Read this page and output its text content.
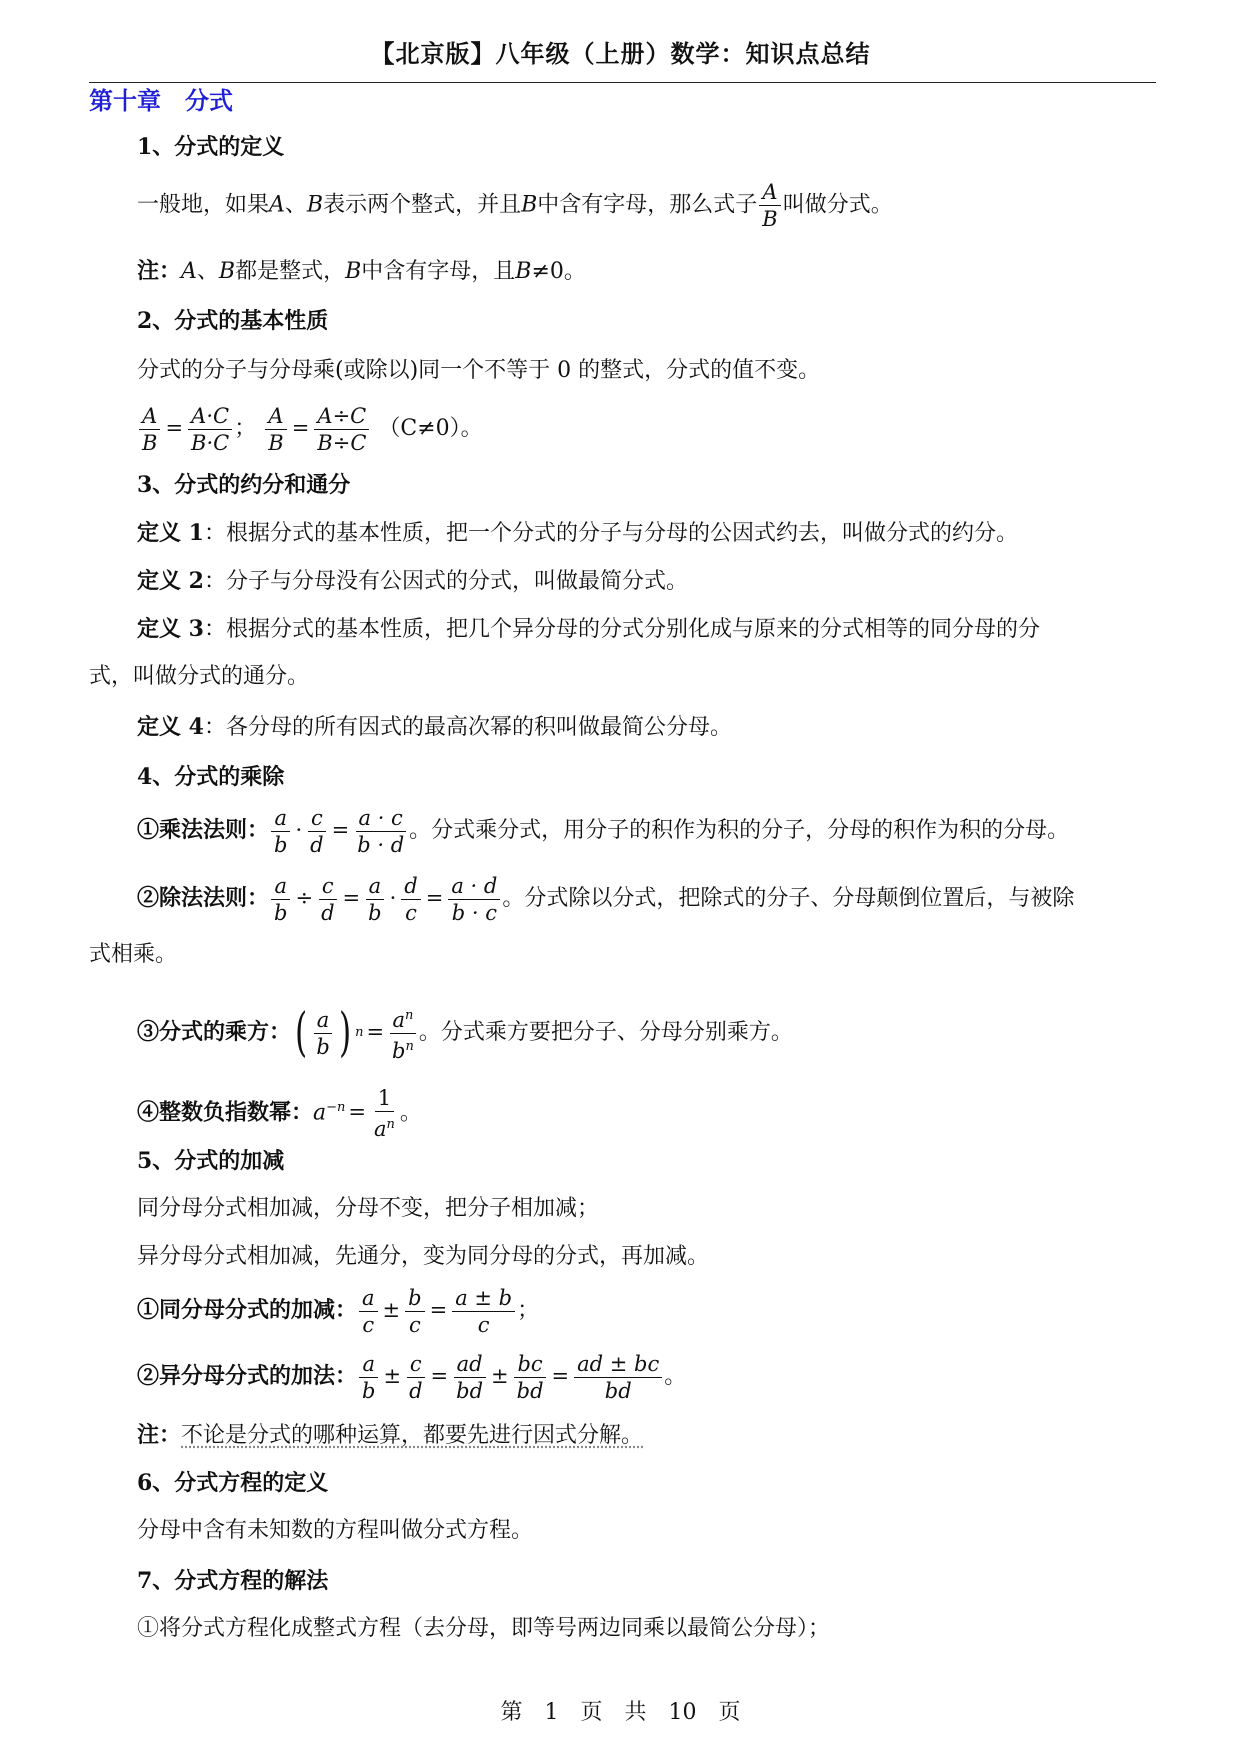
【北京版】八年级（上册）数学：知识点总结
第十章　分式
1、分式的定义
一般地，如果A、B表示两个整式，并且B中含有字母，那么式子 $\frac{A}{B}$ 叫做分式。
注：A、B都是整式，B中含有字母，且B≠0。
2、分式的基本性质
分式的分子与分母乘(或除以)同一个不等于 0 的整式，分式的值不变。
$\frac{A}{B} = \frac{A\cdot C}{B\cdot C}$ ； $\frac{A}{B} = \frac{A\div C}{B\div C} (C\ne 0)$。
3、分式的约分和通分
定义 1：根据分式的基本性质，把一个分式的分子与分母的公因式约去，叫做分式的约分。
定义 2：分子与分母没有公因式的分式，叫做最简分式。
定义 3：根据分式的基本性质，把几个异分母的分式分别化成与原来的分式相等的同分母的分
式，叫做分式的通分。
定义 4：各分母的所有因式的最高次幂的积叫做最简公分母。
4、分式的乘除
①乘法法则： $\frac{a}{b} \cdot \frac{c}{d} = \frac{a \cdot c}{b \cdot d}$ 。分式乘分式，用分子的积作为积的分子，分母的积作为积的分母。
②除法法则： $\frac{a}{b} \div \frac{c}{d} = \frac{a}{b} \cdot \frac{d}{c} = \frac{a \cdot d}{b \cdot c}$ 。分式除以分式，把除式的分子、分母颠倒位置后，与被除
式相乘。
③分式的乘方： ( $\frac{a}{b}$ ) $n = \frac{a^n}{b^n}$ 。分式乘方要把分子、分母分别乘方。
④整数负指数幂：$a^{-n} = \frac{1}{a^n}$ 。
5、分式的加减
同分母分式相加减，分母不变，把分子相加减；
异分母分式相加减，先通分，变为同分母的分式，再加减。
①同分母分式的加减： $\frac{a}{c} \pm \frac{b}{c} = \frac{a \pm b}{c}$ ；
②异分母分式的加法： $\frac{a}{b} \pm \frac{c}{d} = \frac{ad}{bd} \pm \frac{bc}{bd} = \frac{ad \pm bc}{bd}$ 。
注：不论是分式的哪种运算，都要先进行因式分解。
6、分式方程的定义
分母中含有未知数的方程叫做分式方程。
7、分式方程的解法
①将分式方程化成整式方程（去分母，即等号两边同乘以最简公分母）；
第　1　页　共　10　页
